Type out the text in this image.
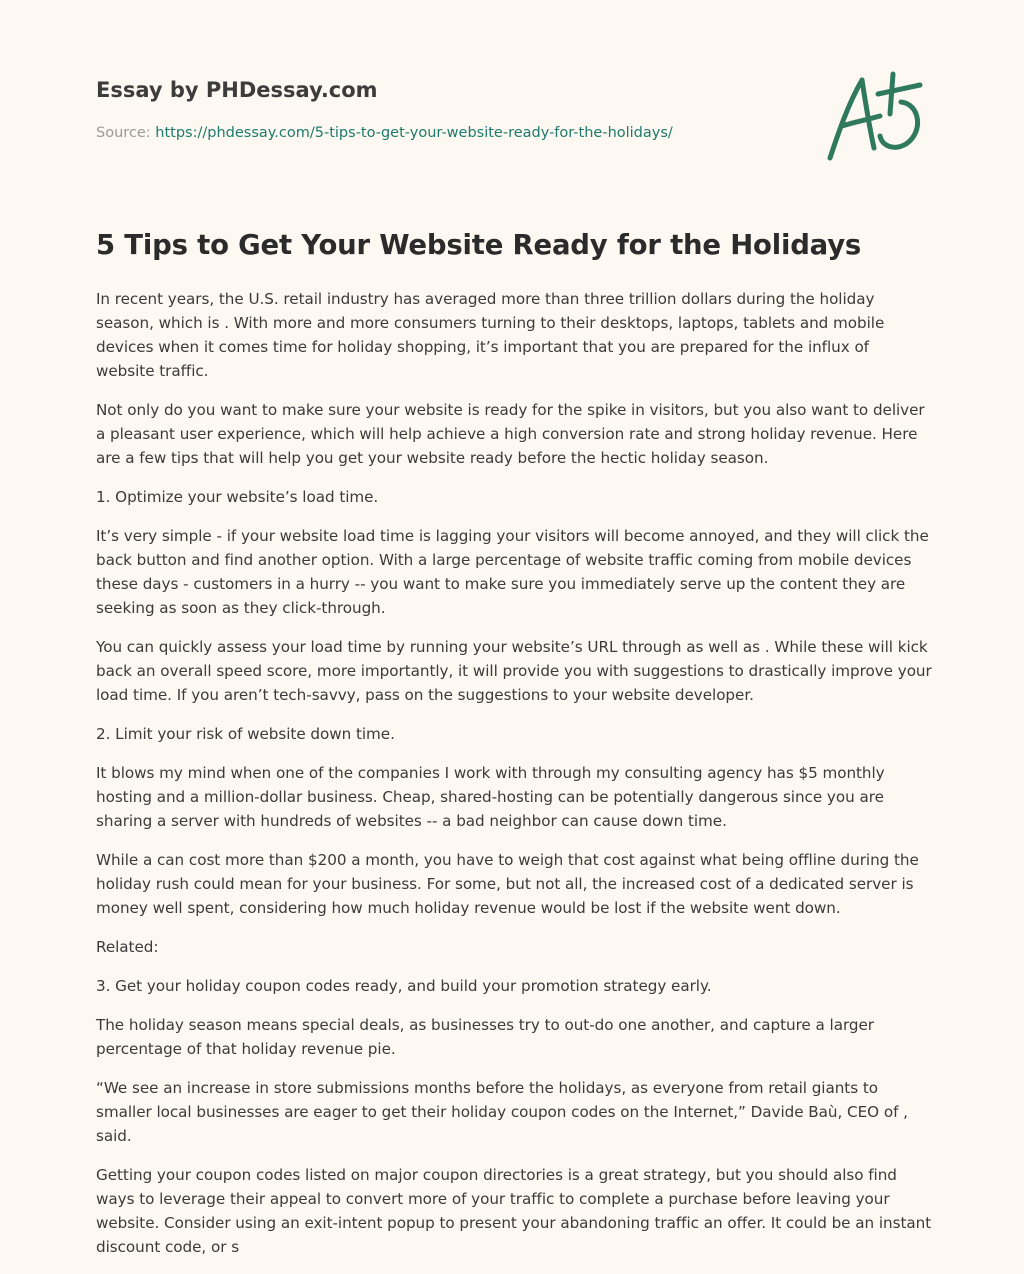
Essay by PHDessay.com
Source: https://phdessay.com/5-tips-to-get-your-website-ready-for-the-holidays/
5 Tips to Get Your Website Ready for the Holidays

In recent years, the U.S. retail industry has averaged more than three trillion dollars during the holiday season, which is . With more and more consumers turning to their desktops, laptops, tablets and mobile devices when it comes time for holiday shopping, it’s important that you are prepared for the influx of website traffic.

Not only do you want to make sure your website is ready for the spike in visitors, but you also want to deliver a pleasant user experience, which will help achieve a high conversion rate and strong holiday revenue. Here are a few tips that will help you get your website ready before the hectic holiday season.

1. Optimize your website’s load time.

It’s very simple - if your website load time is lagging your visitors will become annoyed, and they will click the back button and find another option. With a large percentage of website traffic coming from mobile devices these days - customers in a hurry -- you want to make sure you immediately serve up the content they are seeking as soon as they click-through.

You can quickly assess your load time by running your website’s URL through as well as . While these will kick back an overall speed score, more importantly, it will provide you with suggestions to drastically improve your load time. If you aren’t tech-savvy, pass on the suggestions to your website developer.

2. Limit your risk of website down time.

It blows my mind when one of the companies I work with through my consulting agency has $5 monthly hosting and a million-dollar business. Cheap, shared-hosting can be potentially dangerous since you are sharing a server with hundreds of websites -- a bad neighbor can cause down time.

While a can cost more than $200 a month, you have to weigh that cost against what being offline during the holiday rush could mean for your business. For some, but not all, the increased cost of a dedicated server is money well spent, considering how much holiday revenue would be lost if the website went down.

Related:

3. Get your holiday coupon codes ready, and build your promotion strategy early.

The holiday season means special deals, as businesses try to out-do one another, and capture a larger percentage of that holiday revenue pie.

“We see an increase in store submissions months before the holidays, as everyone from retail giants to smaller local businesses are eager to get their holiday coupon codes on the Internet,” Davide Baù, CEO of , said.

Getting your coupon codes listed on major coupon directories is a great strategy, but you should also find ways to leverage their appeal to convert more of your traffic to complete a purchase before leaving your website. Consider using an exit-intent popup to present your abandoning traffic an offer. It could be an instant discount code, or s
